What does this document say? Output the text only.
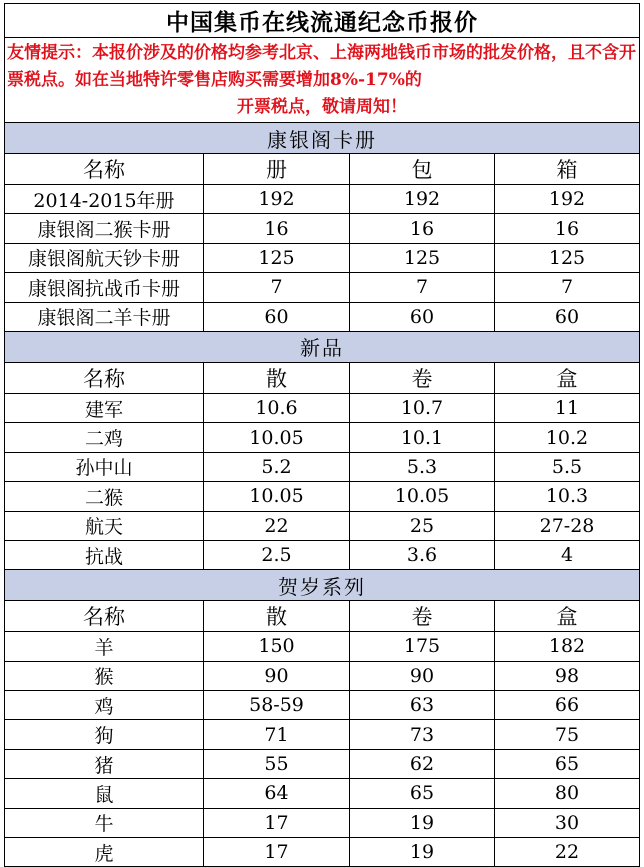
中国集币在线流通纪念币报价			
友情提示：本报价涉及的价格均参考北京、上海两地钱币市场的批发价格，且不含开票税点。如在当地特许零售店购买需要增加8%-17%的
开票税点，敬请周知！			

康银阁卡册			
名称	册	包	箱
2014-2015年册	192	192	192
康银阁二猴卡册	16	16	16
康银阁航天钞卡册	125	125	125
康银阁抗战币卡册	7	7	7
康银阁二羊卡册	60	60	60
新品			
名称	散	卷	盒
建军	10.6	10.7	11
二鸡	10.05	10.1	10.2
孙中山	5.2	5.3	5.5
二猴	10.05	10.05	10.3
航天	22	25	27-28
抗战	2.5	3.6	4
贺岁系列			
名称	散	卷	盒
羊	150	175	182
猴	90	90	98
鸡	58-59	63	66
狗	71	73	75
猪	55	62	65
鼠	64	65	80
牛	17	19	30
虎	17	19	22
